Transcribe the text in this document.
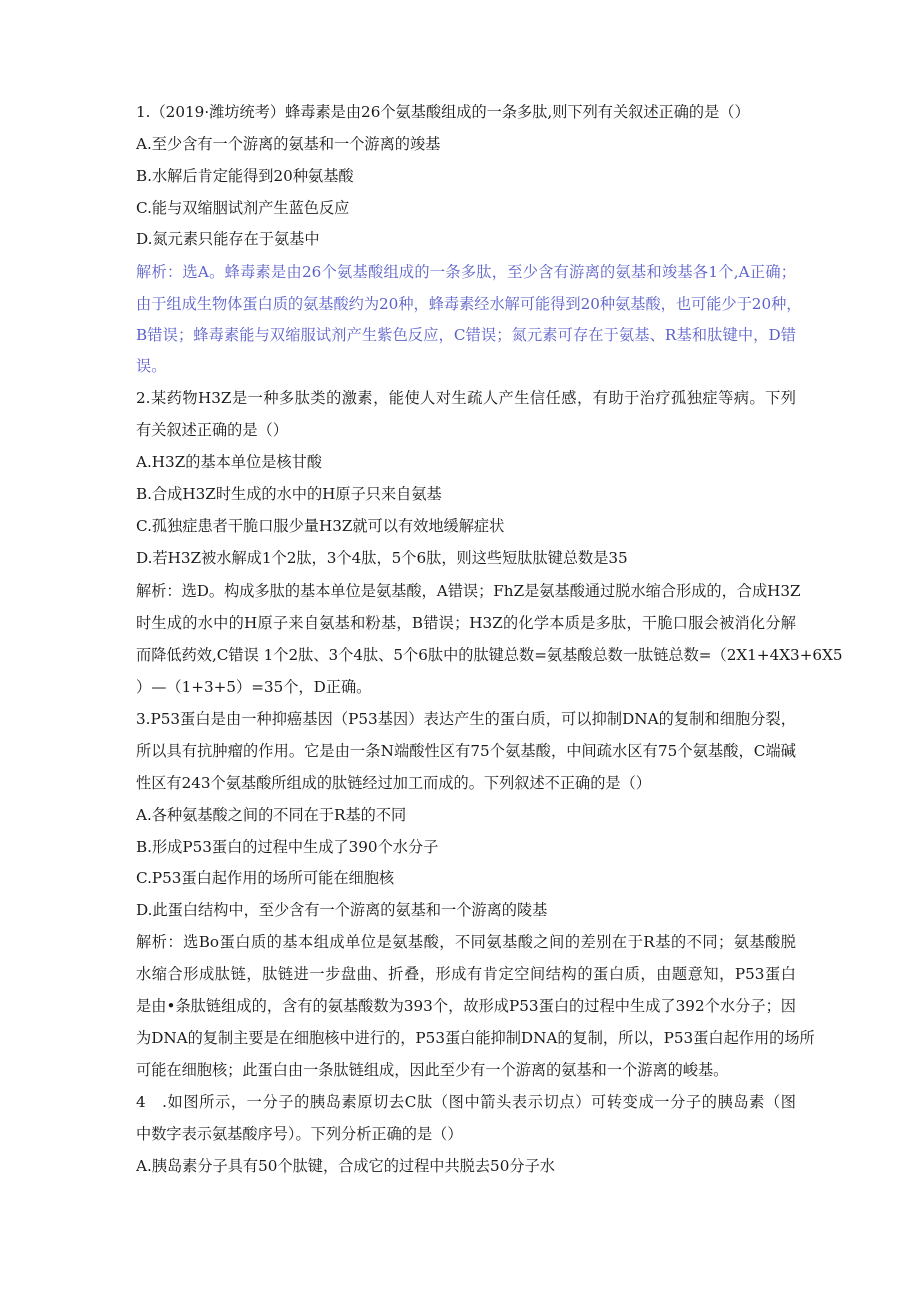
1.（2019·潍坊统考）蜂毒素是由26个氨基酸组成的一条多肽,则下列有关叙述正确的是（）
A.至少含有一个游离的氨基和一个游离的竣基
B.水解后肯定能得到20种氨基酸
C.能与双缩胭试剂产生蓝色反应
D.氮元素只能存在于氨基中
解析：选A。蜂毒素是由26个氨基酸组成的一条多肽，至少含有游离的氨基和竣基各1个,A正确；
由于组成生物体蛋白质的氨基酸约为20种，蜂毒素经水解可能得到20种氨基酸，也可能少于20种，
B错误；蜂毒素能与双缩服试剂产生紫色反应，C错误；氮元素可存在于氨基、R基和肽键中，D错
误。
2.某药物H3Z是一种多肽类的激素，能使人对生疏人产生信任感，有助于治疗孤独症等病。下列
有关叙述正确的是（）
A.H3Z的基本单位是核甘酸
B.合成H3Z时生成的水中的H原子只来自氨基
C.孤独症患者干脆口服少量H3Z就可以有效地缓解症状
D.若H3Z被水解成1个2肽，3个4肽，5个6肽，则这些短肽肽键总数是35
解析：选D。构成多肽的基本单位是氨基酸，A错误；FhZ是氨基酸通过脱水缩合形成的，合成H3Z
时生成的水中的H原子来自氨基和粉基，B错误；H3Z的化学本质是多肽，干脆口服会被消化分解
而降低药效,C错误 1个2肽、3个4肽、5个6肽中的肽键总数=氨基酸总数一肽链总数=（2X1+4X3+6X5
）—（1+3+5）=35个，D正确。
3.P53蛋白是由一种抑癌基因（P53基因）表达产生的蛋白质，可以抑制DNA的复制和细胞分裂，
所以具有抗肿瘤的作用。它是由一条N端酸性区有75个氨基酸，中间疏水区有75个氨基酸，C端碱
性区有243个氨基酸所组成的肽链经过加工而成的。下列叙述不正确的是（）
A.各种氨基酸之间的不同在于R基的不同
B.形成P53蛋白的过程中生成了390个水分子
C.P53蛋白起作用的场所可能在细胞核
D.此蛋白结构中，至少含有一个游离的氨基和一个游离的陵基
解析：选Bo蛋白质的基本组成单位是氨基酸，不同氨基酸之间的差别在于R基的不同；氨基酸脱
水缩合形成肽链，肽链进一步盘曲、折叠，形成有肯定空间结构的蛋白质，由题意知，P53蛋白
是由•条肽链组成的，含有的氨基酸数为393个，故形成P53蛋白的过程中生成了392个水分子；因
为DNA的复制主要是在细胞核中进行的，P53蛋白能抑制DNA的复制，所以，P53蛋白起作用的场所
可能在细胞核；此蛋白由一条肽链组成，因此至少有一个游离的氨基和一个游离的峻基。
4　.如图所示，一分子的胰岛素原切去C肽（图中箭头表示切点）可转变成一分子的胰岛素（图
中数字表示氨基酸序号）。下列分析正确的是（）
A.胰岛素分子具有50个肽键，合成它的过程中共脱去50分子水
